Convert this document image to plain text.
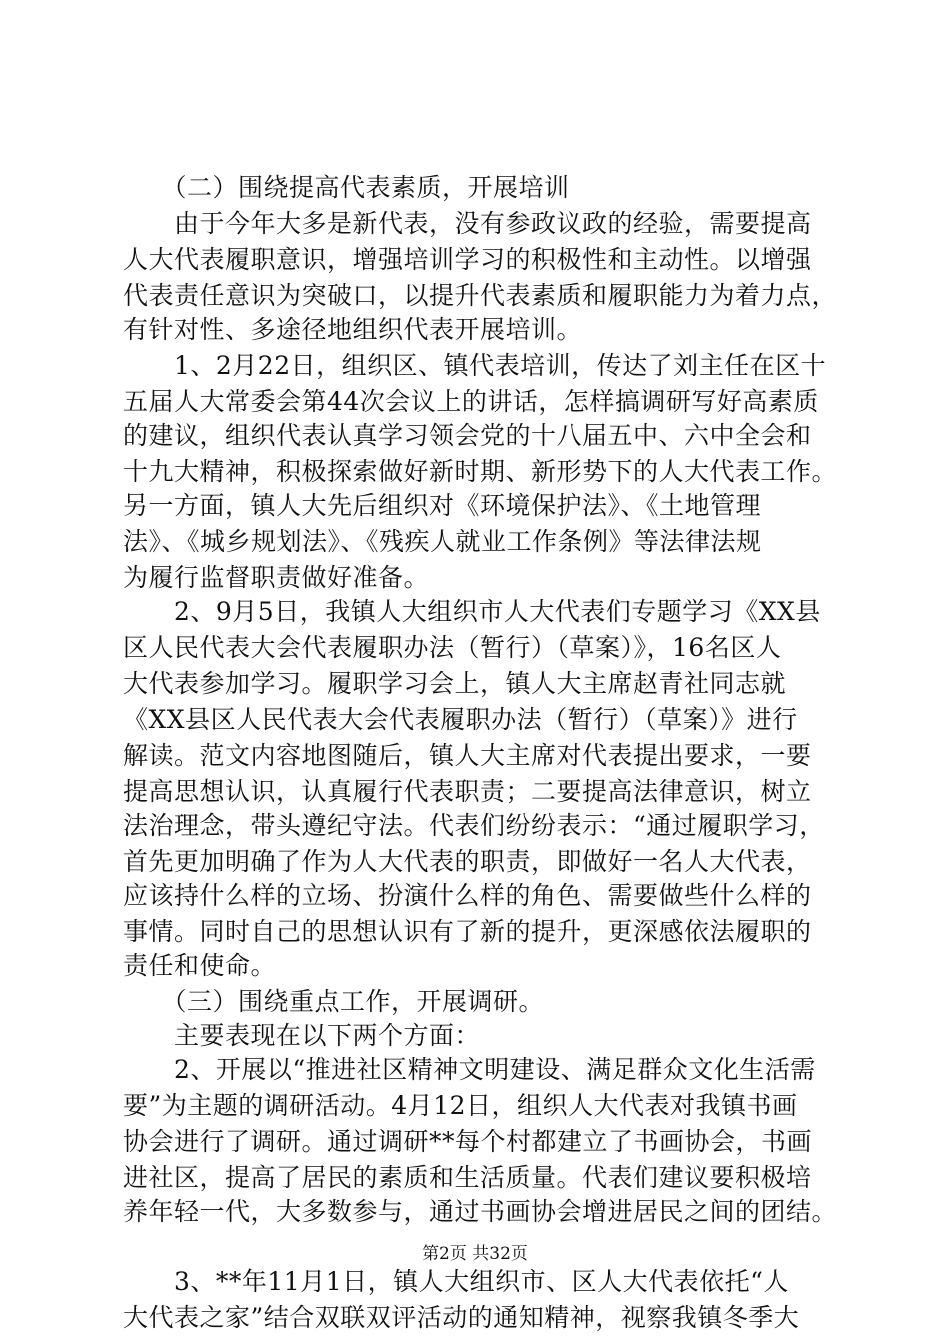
　　（二）围绕提高代表素质，开展培训
　　由于今年大多是新代表，没有参政议政的经验，需要提高
人大代表履职意识，增强培训学习的积极性和主动性。以增强
代表责任意识为突破口，以提升代表素质和履职能力为着力点，
有针对性、多途径地组织代表开展培训。
　　1、2月22日，组织区、镇代表培训，传达了刘主任在区十
五届人大常委会第44次会议上的讲话，怎样搞调研写好高素质
的建议，组织代表认真学习领会党的十八届五中、六中全会和
十九大精神，积极探索做好新时期、新形势下的人大代表工作。
另一方面，镇人大先后组织对《环境保护法》、《土地管理
法》、《城乡规划法》、《残疾人就业工作条例》等法律法规
为履行监督职责做好准备。
　　2、9月5日，我镇人大组织市人大代表们专题学习《XX县
区人民代表大会代表履职办法（暂行）（草案）》，16名区人
大代表参加学习。履职学习会上，镇人大主席赵青社同志就
《XX县区人民代表大会代表履职办法（暂行）（草案）》进行
解读。范文内容地图随后，镇人大主席对代表提出要求，一要
提高思想认识，认真履行代表职责；二要提高法律意识，树立
法治理念，带头遵纪守法。代表们纷纷表示：“通过履职学习，
首先更加明确了作为人大代表的职责，即做好一名人大代表，
应该持什么样的立场、扮演什么样的角色、需要做些什么样的
事情。同时自己的思想认识有了新的提升，更深感依法履职的
责任和使命。
　　（三）围绕重点工作，开展调研。
　　主要表现在以下两个方面：
　　2、开展以“推进社区精神文明建设、满足群众文化生活需
要”为主题的调研活动。4月12日，组织人大代表对我镇书画
协会进行了调研。通过调研**每个村都建立了书画协会，书画
进社区，提高了居民的素质和生活质量。代表们建议要积极培
养年轻一代，大多数参与，通过书画协会增进居民之间的团结。
　　3、**年11月1日，镇人大组织市、区人大代表依托“人
大代表之家”结合双联双评活动的通知精神，视察我镇冬季大
第2页 共32页
